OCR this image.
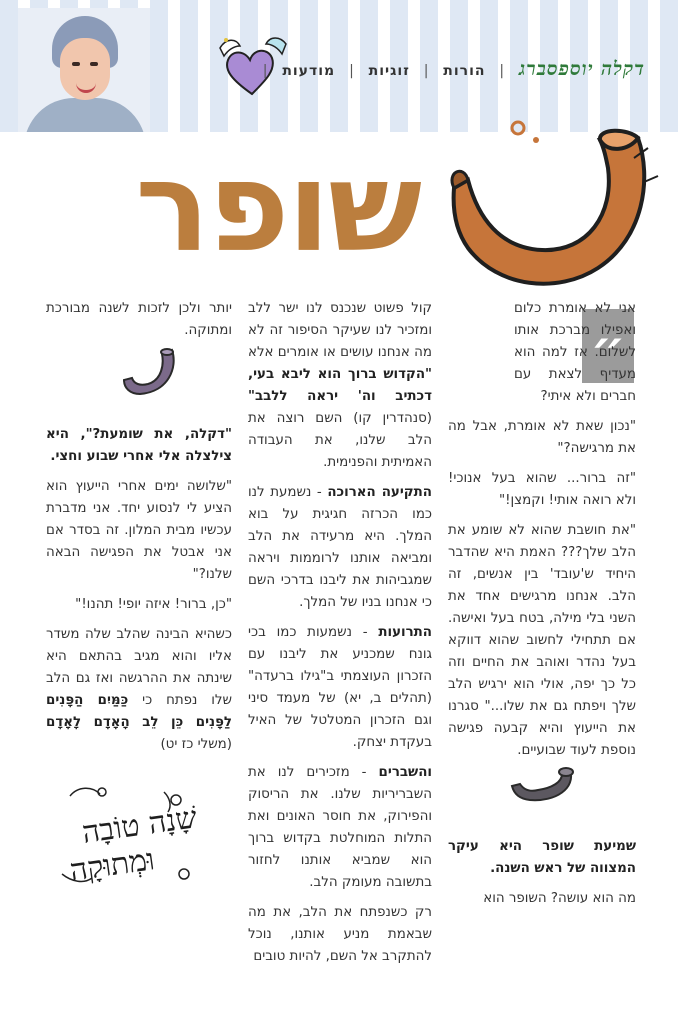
דקלה יוספסברג | הורות | זוגיות | מודעות |
שופר
״

אני לא אומרת כלום ואפילו מברכת אותו לשלום. אז למה הוא מעדיף לצאת עם חברים ולא איתי?

"נכון שאת לא אומרת, אבל מה את מרגישה?"

"זה ברור... שהוא בעל אנוכי! ולא רואה אותי! וקמצן!"

"את חושבת שהוא לא שומע את הלב שלך??? האמת היא שהדבר היחיד ש'עובד' בין אנשים, זה הלב. אנחנו מרגישים אחד את השני בלי מילה, בטח בעל ואישה. אם תתחילי לחשוב שהוא דווקא בעל נהדר ואוהב את החיים וזה כל כך יפה, אולי הוא ירגיש הלב שלך ויפתח גם את שלו..." סגרנו את הייעוץ והיא קבעה פגישה נוספת לעוד שבועיים.

שמיעת שופר היא עיקר המצווה של ראש השנה.

מה הוא עושה? השופר הוא

קול פשוט שנכנס לנו ישר ללב ומזכיר לנו שעיקר הסיפור זה לא מה אנחנו עושים או אומרים אלא "הקדוש ברוך הוא ליבא בעי, דכתיב וה' יראה ללבב" (סנהדרין קו) השם רוצה את הלב שלנו, את העבודה האמיתית והפנימית.

התקיעה הארוכה - נשמעת לנו כמו הכרזה חגיגית על בוא המלך. היא מרעידה את הלב ומביאה אותנו לרוממות ויראה שמגביהות את ליבנו בדרכי השם כי אנחנו בניו של המלך.

התרועות - נשמעות כמו בכי גונח שמכניע את ליבנו עם הזכרון העוצמתי ב"גילו ברעדה" (תהלים ב, יא) של מעמד סיני וגם הזכרון המטלטל של האיל בעקדת יצחק.

והשברים - מזכירים לנו את השבריריות שלנו. את הריסוק והפירוק, את חוסר האונים ואת התלות המוחלטת בקדוש ברוך הוא שמביא אותנו לחזור בתשובה מעומק הלב.

רק כשנפתח את הלב, את מה שבאמת מניע אותנו, נוכל להתקרב אל השם, להיות טובים

יותר ולכן לזכות לשנה מבורכת ומתוקה.

"דקלה, את שומעת?", היא צילצלה אלי אחרי שבוע וחצי.

"שלושה ימים אחרי הייעוץ הוא הציע לי לנסוע יחד. אני מדברת עכשיו מבית המלון. זה בסדר אם אני אבטל את הפגישה הבאה שלנו?"

"כן, ברור! איזה יופי! תהנו!"

כשהיא הבינה שהלב שלה משדר אליו והוא מגיב בהתאם היא שינתה את ההרגשה ואז גם הלב שלו נפתח כי כַּמַּיִם הַפָּנִים לַפָּנִים כֵּן לֵב הָאָדָם לָאָדָם (משלי כז יט)

שָׁנָה טוֹבָה
וּמְתוּקָה
